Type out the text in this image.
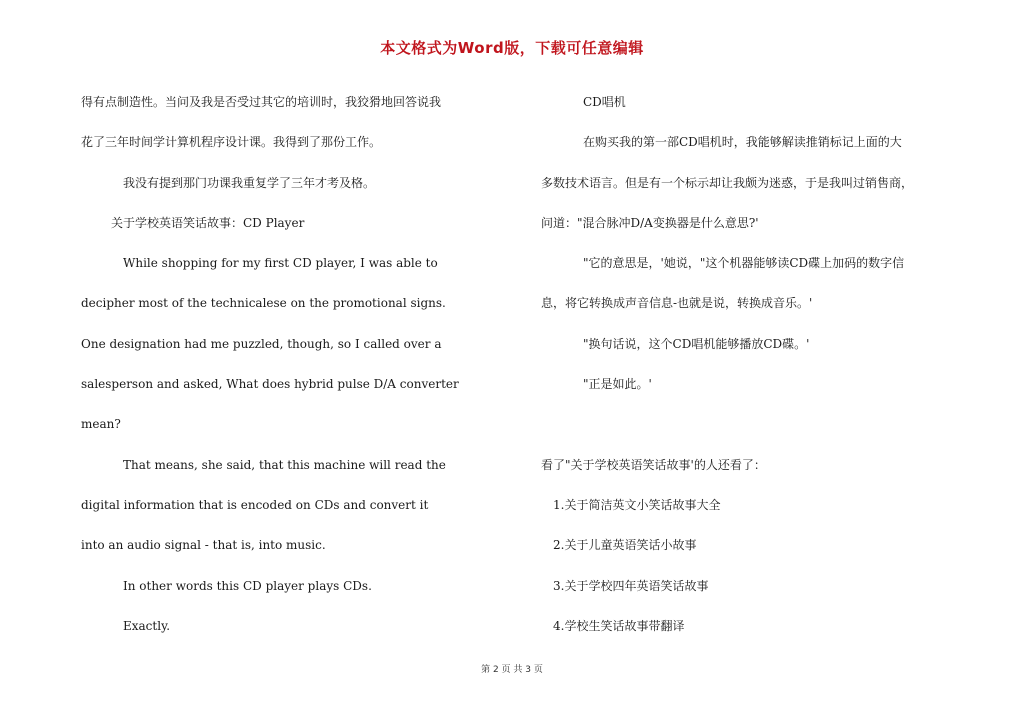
本文格式为Word版，下载可任意编辑
得有点制造性。当问及我是否受过其它的培训时，我狡猾地回答说我
花了三年时间学计算机程序设计课。我得到了那份工作。
我没有提到那门功课我重复学了三年才考及格。
关于学校英语笑话故事：CD Player
While shopping for my first CD player, I was able to
decipher most of the technicalese on the promotional signs.
One designation had me puzzled, though, so I called over a
salesperson and asked, What does hybrid pulse D/A converter
mean?
That means, she said, that this machine will read the
digital information that is encoded on CDs and convert it
into an audio signal - that is, into music.
In other words this CD player plays CDs.
Exactly.
CD唱机
在购买我的第一部CD唱机时，我能够解读推销标记上面的大
多数技术语言。但是有一个标示却让我颇为迷惑，于是我叫过销售商，
问道："混合脉冲D/A变换器是什么意思?'
"它的意思是，'她说，"这个机器能够读CD碟上加码的数字信
息，将它转换成声音信息-也就是说，转换成音乐。'
"换句话说，这个CD唱机能够播放CD碟。'
"正是如此。'
看了"关于学校英语笑话故事'的人还看了：
1.关于简洁英文小笑话故事大全
2.关于儿童英语笑话小故事
3.关于学校四年英语笑话故事
4.学校生笑话故事带翻译
第 2 页 共 3 页
